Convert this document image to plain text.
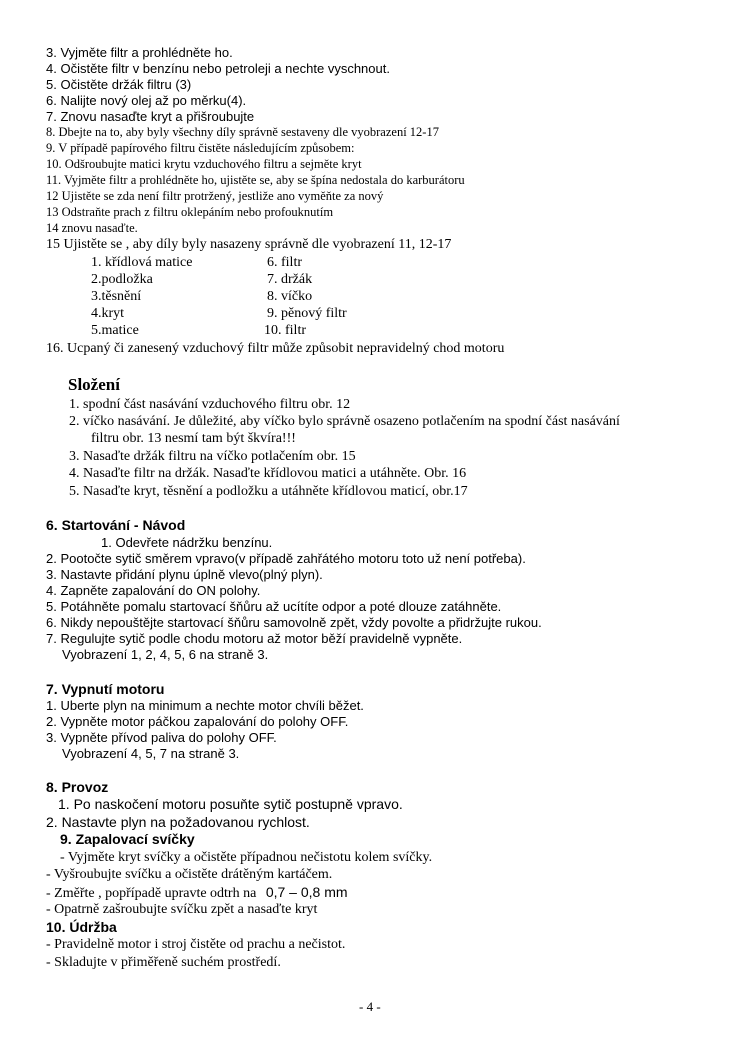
3. Vyjměte filtr a prohlédněte ho.
4. Očistěte filtr v benzínu nebo petroleji a nechte vyschnout.
5. Očistěte držák filtru (3)
6. Nalijte nový olej až po měrku(4).
7. Znovu nasaďte kryt a přišroubujte
8. Dbejte na to, aby byly všechny díly správně sestaveny dle vyobrazení 12-17
9. V případě papírového filtru čistěte následujícím způsobem:
10. Odšroubujte matici krytu vzduchového filtru a sejměte kryt
11. Vyjměte filtr a prohlédněte ho, ujistěte se, aby se špína nedostala do karburátoru
12 Ujistěte se zda není filtr protržený, jestliže ano vyměňte za nový
13 Odstraňte prach z filtru oklepáním nebo profouknutím
14 znovu nasaďte.
15 Ujistěte se , aby díly byly nasazeny správně dle vyobrazení 11, 12-17
1. křídlová matice
2.podložka
3.těsnění
4.kryt
5.matice
6. filtr
7. držák
8. víčko
9. pěnový filtr
10. filtr
16. Ucpaný či zanesený vzduchový filtr může způsobit nepravidelný chod motoru
Složení
1. spodní část nasávání vzduchového filtru obr. 12
2. víčko nasávání. Je důležité, aby víčko bylo správně osazeno potlačením na spodní část nasávání
filtru obr. 13 nesmí tam být škvíra!!!
3. Nasaďte držák filtru na víčko potlačením obr. 15
4. Nasaďte filtr na držák. Nasaďte křídlovou matici a utáhněte. Obr. 16
5. Nasaďte kryt, těsnění a podložku a utáhněte křídlovou maticí, obr.17
6. Startování - Návod
1. Odevřete nádržku benzínu.
2. Pootočte sytič směrem vpravo(v případě zahřátého motoru toto už není potřeba).
3. Nastavte přidání plynu úplně vlevo(plný plyn).
4. Zapněte zapalování do ON polohy.
5. Potáhněte pomalu startovací šňůru až ucítíte odpor a poté dlouze zatáhněte.
6. Nikdy nepouštějte startovací šňůru samovolně zpět, vždy povolte a přidržujte rukou.
7. Regulujte sytič podle chodu motoru až motor běží pravidelně vypněte.
Vyobrazení 1, 2, 4, 5, 6 na straně 3.
7. Vypnutí motoru
1. Uberte plyn na minimum a nechte motor chvíli běžet.
2. Vypněte motor páčkou zapalování do polohy OFF.
3. Vypněte přívod paliva do polohy OFF.
Vyobrazení 4, 5, 7 na straně 3.
8. Provoz
1. Po naskočení motoru posuňte sytič postupně vpravo.
2. Nastavte plyn na požadovanou rychlost.
9. Zapalovací svíčky
- Vyjměte kryt svíčky a očistěte případnou nečistotu kolem svíčky.
- Vyšroubujte svíčku a očistěte drátěným kartáčem.
- Změřte , popřípadě upravte odtrh na 0,7 – 0,8 mm
- Opatrně zašroubujte svíčku zpět a nasaďte kryt
10. Údržba
- Pravidelně motor i stroj čistěte od prachu a nečistot.
- Skladujte v přiměřeně suchém prostředí.
- 4 -
